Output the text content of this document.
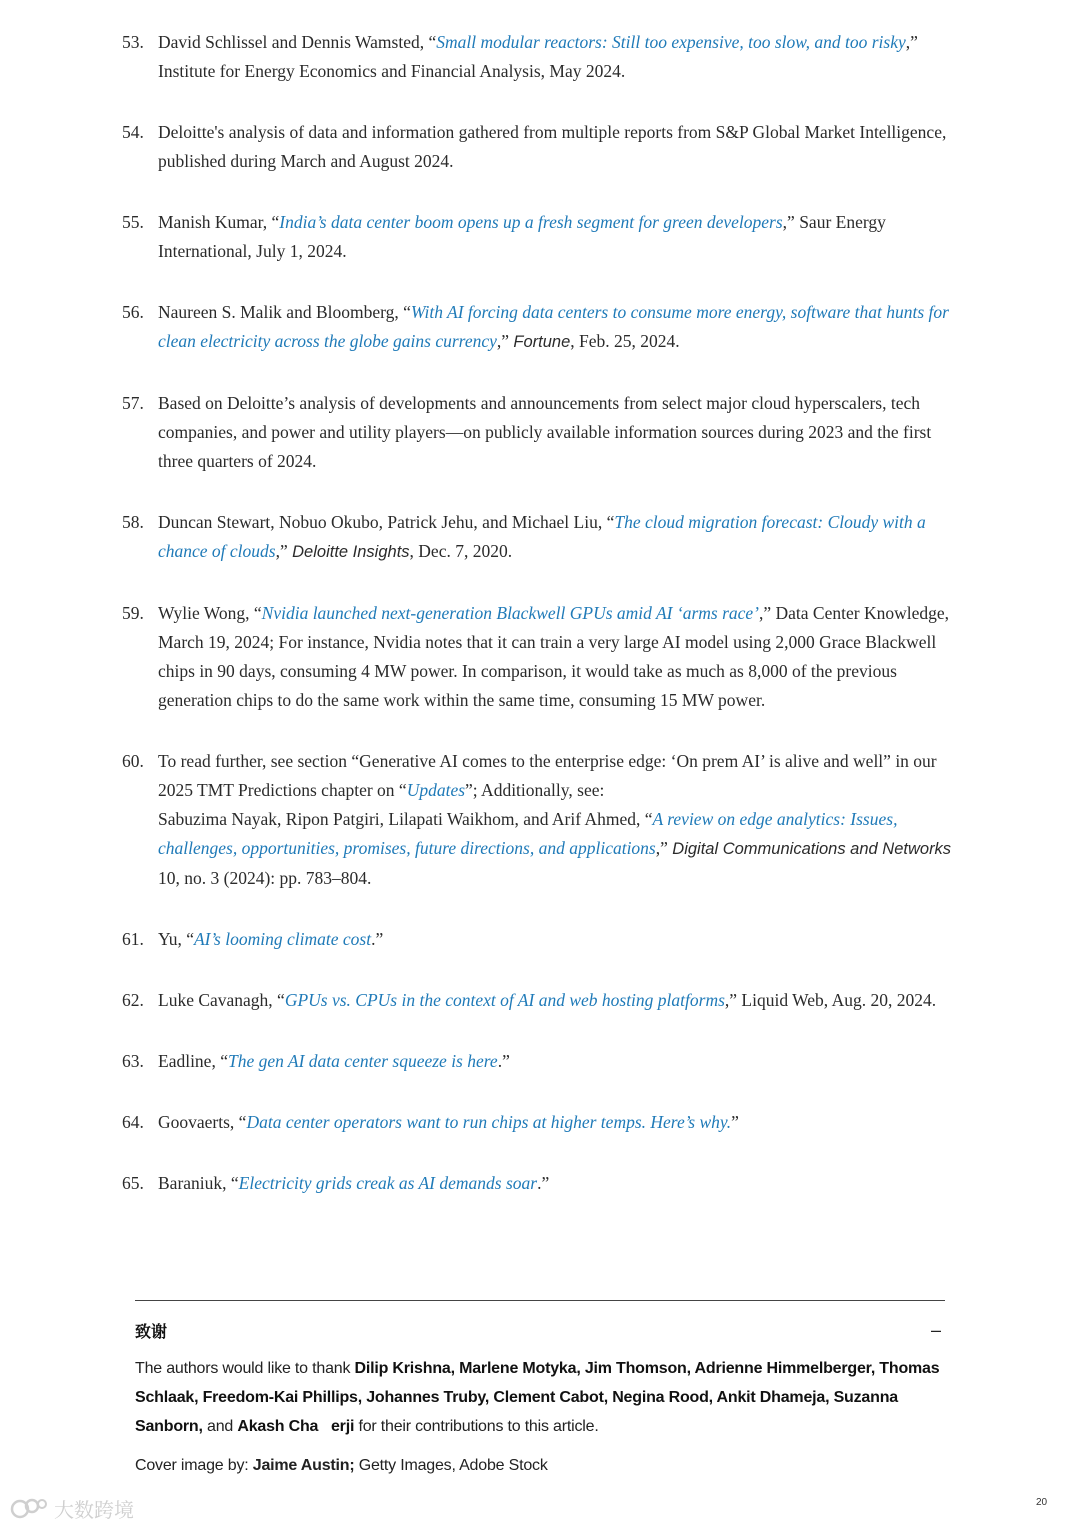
53. David Schlissel and Dennis Wamsted, “Small modular reactors: Still too expensive, too slow, and too risky,” Institute for Energy Economics and Financial Analysis, May 2024.
54. Deloitte's analysis of data and information gathered from multiple reports from S&P Global Market Intelligence, published during March and August 2024.
55. Manish Kumar, “India’s data center boom opens up a fresh segment for green developers,” Saur Energy International, July 1, 2024.
56. Naureen S. Malik and Bloomberg, “With AI forcing data centers to consume more energy, software that hunts for clean electricity across the globe gains currency,” Fortune, Feb. 25, 2024.
57. Based on Deloitte’s analysis of developments and announcements from select major cloud hyperscalers, tech companies, and power and utility players—on publicly available information sources during 2023 and the first three quarters of 2024.
58. Duncan Stewart, Nobuo Okubo, Patrick Jehu, and Michael Liu, “The cloud migration forecast: Cloudy with a chance of clouds,” Deloitte Insights, Dec. 7, 2020.
59. Wylie Wong, “Nvidia launched next-generation Blackwell GPUs amid AI ‘arms race’,” Data Center Knowledge, March 19, 2024; For instance, Nvidia notes that it can train a very large AI model using 2,000 Grace Blackwell chips in 90 days, consuming 4 MW power. In comparison, it would take as much as 8,000 of the previous generation chips to do the same work within the same time, consuming 15 MW power.
60. To read further, see section “Generative AI comes to the enterprise edge: ‘On prem AI’ is alive and well” in our 2025 TMT Predictions chapter on “Updates”; Additionally, see:
Sabuzima Nayak, Ripon Patgiri, Lilapati Waikhom, and Arif Ahmed, “A review on edge analytics: Issues, challenges, opportunities, promises, future directions, and applications,” Digital Communications and Networks 10, no. 3 (2024): pp. 783–804.
61. Yu, “AI’s looming climate cost.”
62. Luke Cavanagh, “GPUs vs. CPUs in the context of AI and web hosting platforms,” Liquid Web, Aug. 20, 2024.
63. Eadline, “The gen AI data center squeeze is here.”
64. Goovaerts, “Data center operators want to run chips at higher temps. Here’s why.”
65. Baraniuk, “Electricity grids creak as AI demands soar.”
致谢	–
The authors would like to thank Dilip Krishna, Marlene Motyka, Jim Thomson, Adrienne Himmelberger, Thomas Schlaak, Freedom-Kai Phillips, Johannes Truby, Clement Cabot, Negina Rood, Ankit Dhameja, Suzanna Sanborn, and Akash Cha   erji for their contributions to this article.
Cover image by: Jaime Austin; Getty Images, Adobe Stock
大数跨境	20
